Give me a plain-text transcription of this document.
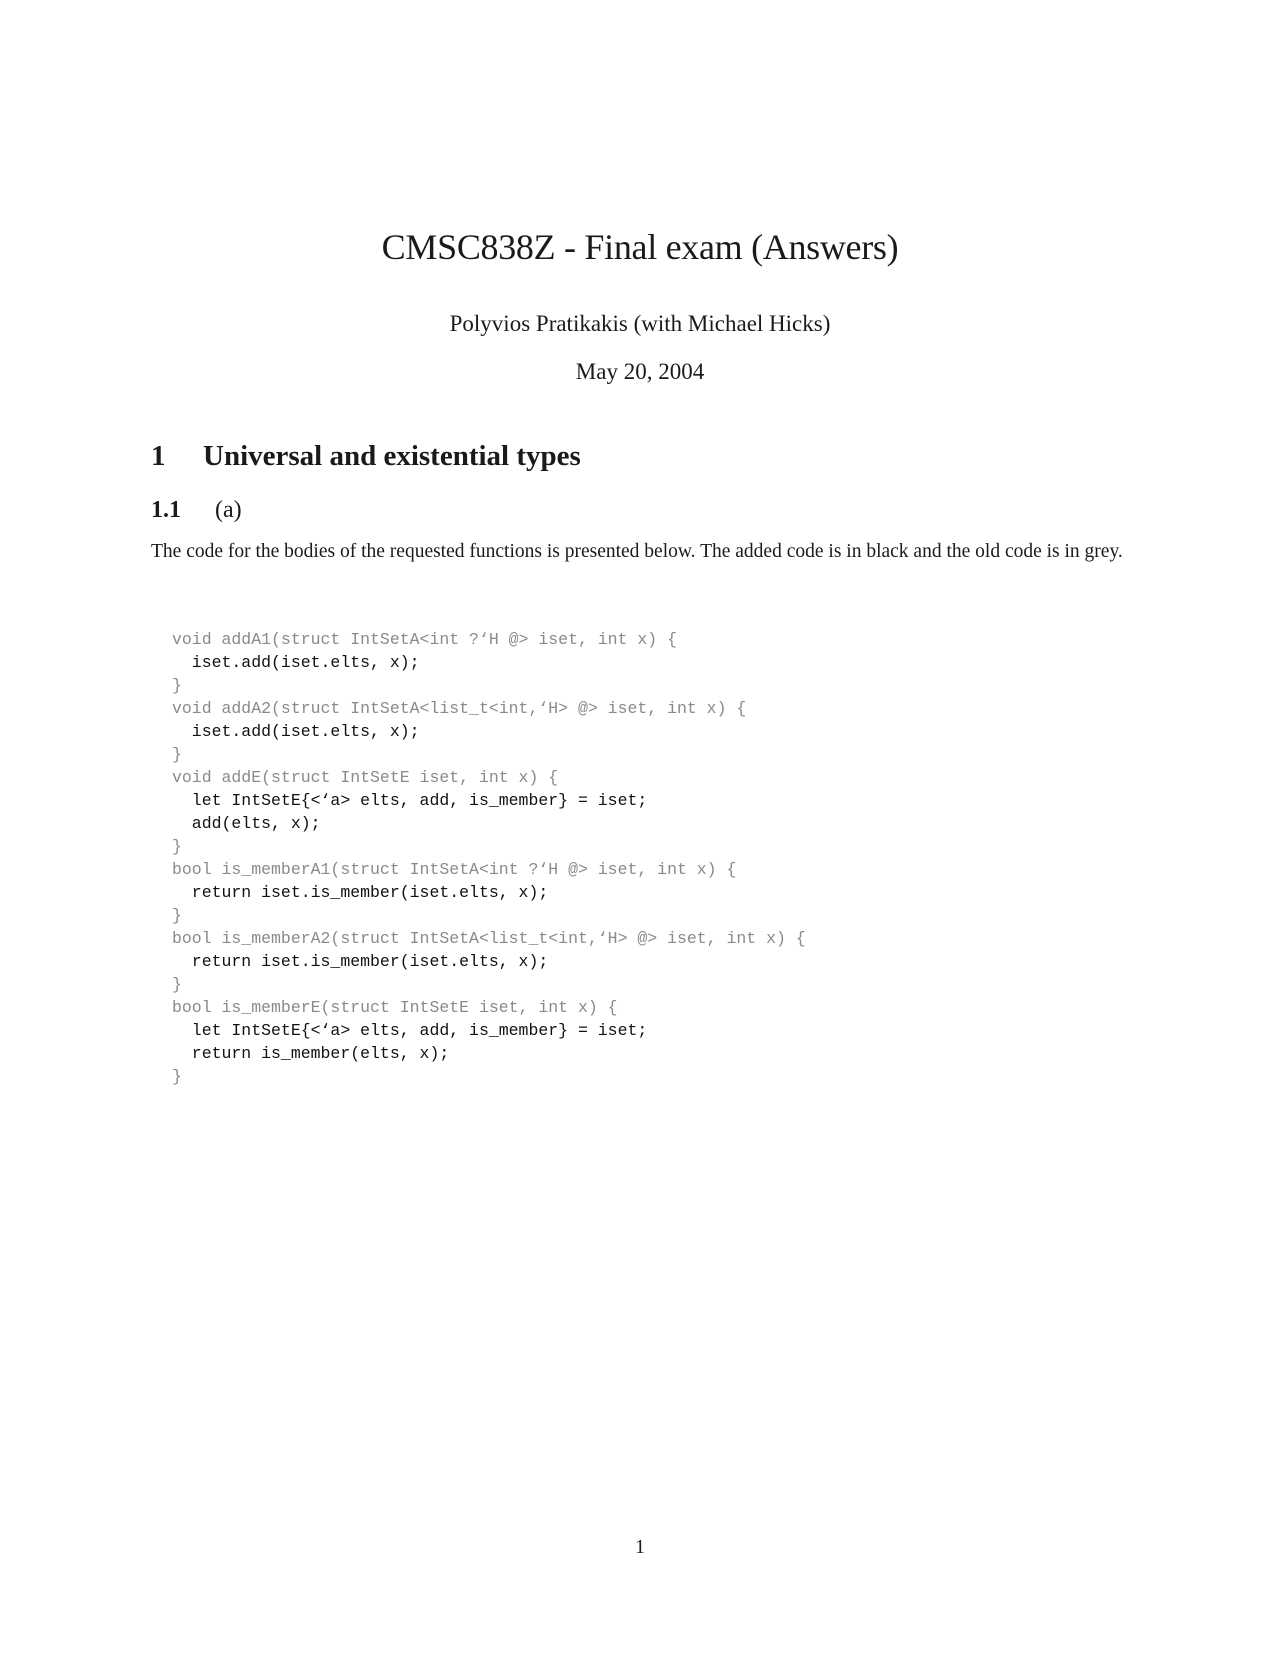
CMSC838Z - Final exam (Answers)
Polyvios Pratikakis (with Michael Hicks)
May 20, 2004
1	Universal and existential types
1.1	(a)
The code for the bodies of the requested functions is presented below. The added code is in black and the old code is in grey.
void addA1(struct IntSetA<int ?‘H @> iset, int x) {
iset.add(iset.elts, x);
}
void addA2(struct IntSetA<list_t<int,‘H> @> iset, int x) {
iset.add(iset.elts, x);
}
void addE(struct IntSetE iset, int x) {
let IntSetE{<‘a> elts, add, is_member} = iset;
add(elts, x);
}
bool is_memberA1(struct IntSetA<int ?‘H @> iset, int x) {
return iset.is_member(iset.elts, x);
}
bool is_memberA2(struct IntSetA<list_t<int,‘H> @> iset, int x) {
return iset.is_member(iset.elts, x);
}
bool is_memberE(struct IntSetE iset, int x) {
let IntSetE{<‘a> elts, add, is_member} = iset;
return is_member(elts, x);
}
1
